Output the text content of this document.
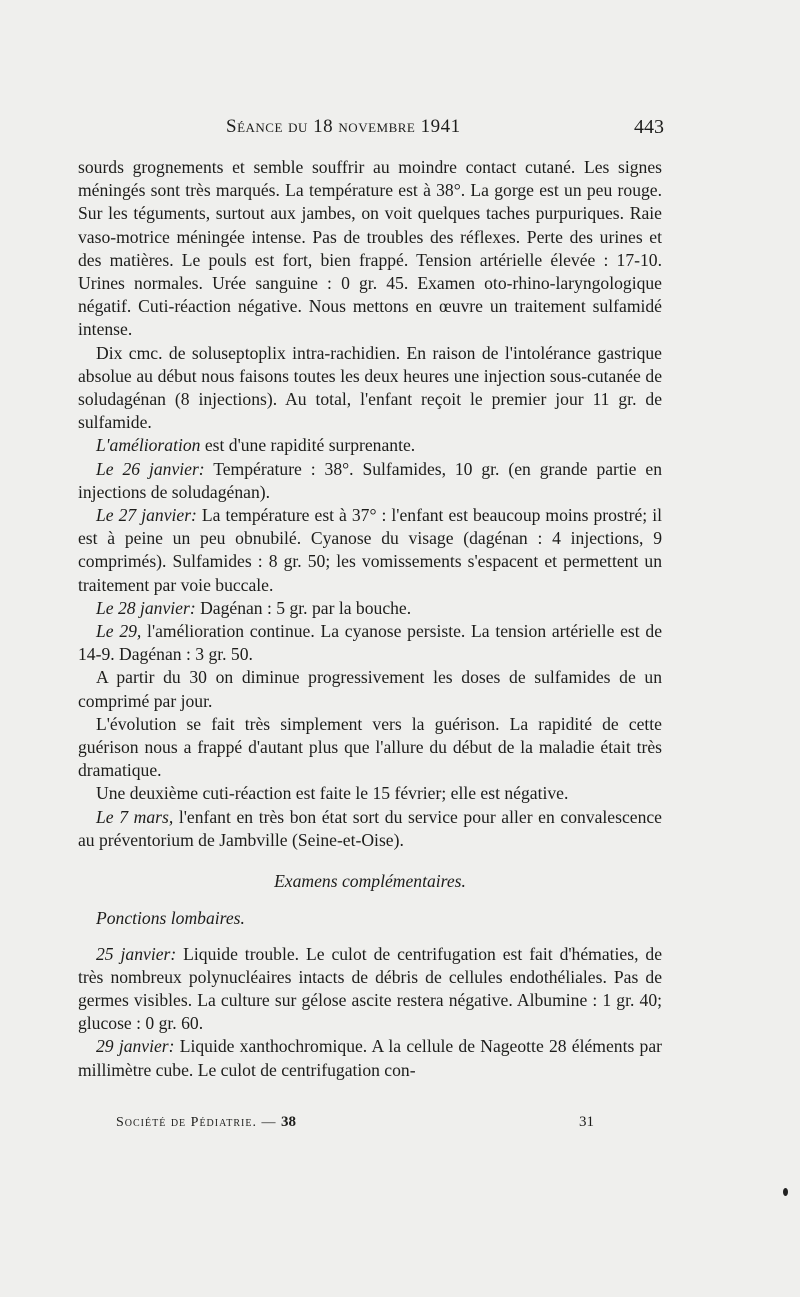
Séance du 18 novembre 1941	443

sourds grognements et semble souffrir au moindre contact cutané. Les signes méningés sont très marqués. La température est à 38°. La gorge est un peu rouge. Sur les téguments, surtout aux jambes, on voit quelques taches purpuriques. Raie vaso-motrice méningée intense. Pas de troubles des réflexes. Perte des urines et des matières. Le pouls est fort, bien frappé. Tension artérielle élevée : 17-10. Urines normales. Urée sanguine : 0 gr. 45. Examen oto-rhino-laryngologique négatif. Cuti-réaction négative. Nous mettons en œuvre un traitement sulfamidé intense.

Dix cmc. de soluseptoplix intra-rachidien. En raison de l'intolérance gastrique absolue au début nous faisons toutes les deux heures une injection sous-cutanée de soludagénan (8 injections). Au total, l'enfant reçoit le premier jour 11 gr. de sulfamide.

L'amélioration est d'une rapidité surprenante.

Le 26 janvier: Température : 38°. Sulfamides, 10 gr. (en grande partie en injections de soludagénan).

Le 27 janvier: La température est à 37° : l'enfant est beaucoup moins prostré; il est à peine un peu obnubilé. Cyanose du visage (dagénan : 4 injections, 9 comprimés). Sulfamides : 8 gr. 50; les vomissements s'espacent et permettent un traitement par voie buccale.

Le 28 janvier: Dagénan : 5 gr. par la bouche.

Le 29, l'amélioration continue. La cyanose persiste. La tension artérielle est de 14-9. Dagénan : 3 gr. 50.

A partir du 30 on diminue progressivement les doses de sulfamides de un comprimé par jour.

L'évolution se fait très simplement vers la guérison. La rapidité de cette guérison nous a frappé d'autant plus que l'allure du début de la maladie était très dramatique.

Une deuxième cuti-réaction est faite le 15 février; elle est négative.

Le 7 mars, l'enfant en très bon état sort du service pour aller en convalescence au préventorium de Jambville (Seine-et-Oise).

Examens complémentaires.

Ponctions lombaires.

25 janvier: Liquide trouble. Le culot de centrifugation est fait d'hématies, de très nombreux polynucléaires intacts de débris de cellules endothéliales. Pas de germes visibles. La culture sur gélose ascite restera négative. Albumine : 1 gr. 40; glucose : 0 gr. 60.

29 janvier: Liquide xanthochromique. A la cellule de Nageotte 28 éléments par millimètre cube. Le culot de centrifugation con-

Société de Pédiatrie. — 38	31
